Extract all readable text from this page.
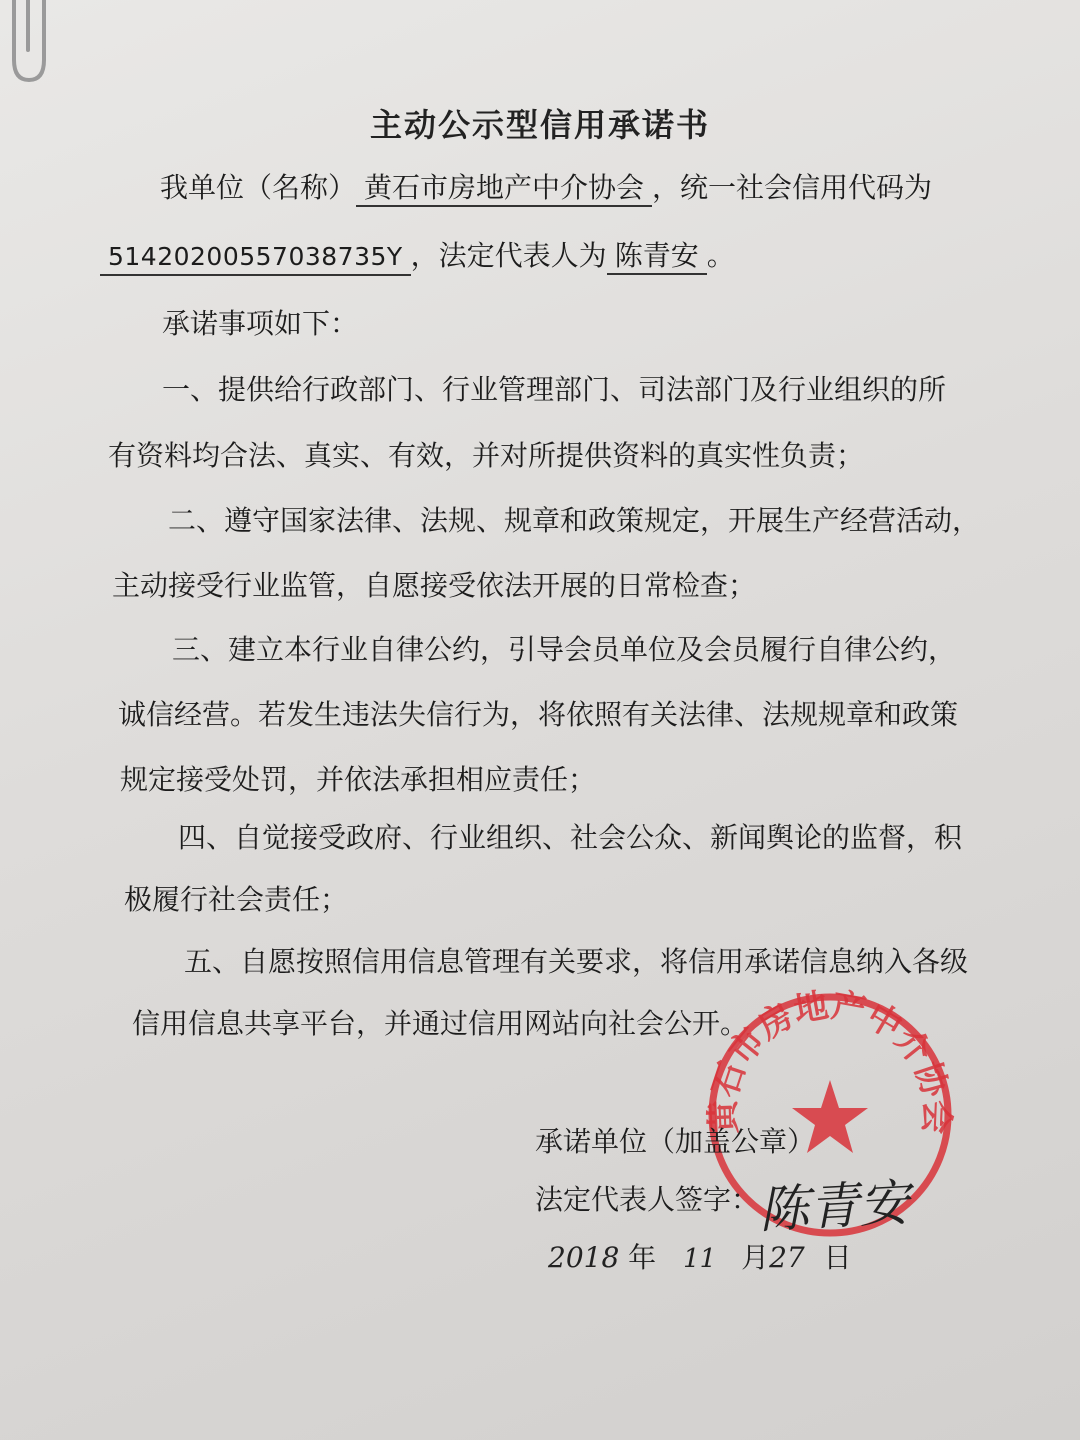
主动公示型信用承诺书
我单位（名称） 黄石市房地产中介协会 ，统一社会信用代码为
51420200557038735Y ，法定代表人为 陈青安 。
承诺事项如下：
一、提供给行政部门、行业管理部门、司法部门及行业组织的所
有资料均合法、真实、有效，并对所提供资料的真实性负责；
二、遵守国家法律、法规、规章和政策规定，开展生产经营活动，
主动接受行业监管，自愿接受依法开展的日常检查；
三、建立本行业自律公约，引导会员单位及会员履行自律公约，
诚信经营。若发生违法失信行为，将依照有关法律、法规规章和政策
规定接受处罚，并依法承担相应责任；
四、自觉接受政府、行业组织、社会公众、新闻舆论的监督，积
极履行社会责任；
五、自愿按照信用信息管理有关要求，将信用承诺信息纳入各级
信用信息共享平台，并通过信用网站向社会公开。
黄石市房地产中介协会
承诺单位（加盖公章）
法定代表人签字：
陈青安
2018 年 11 月27 日
